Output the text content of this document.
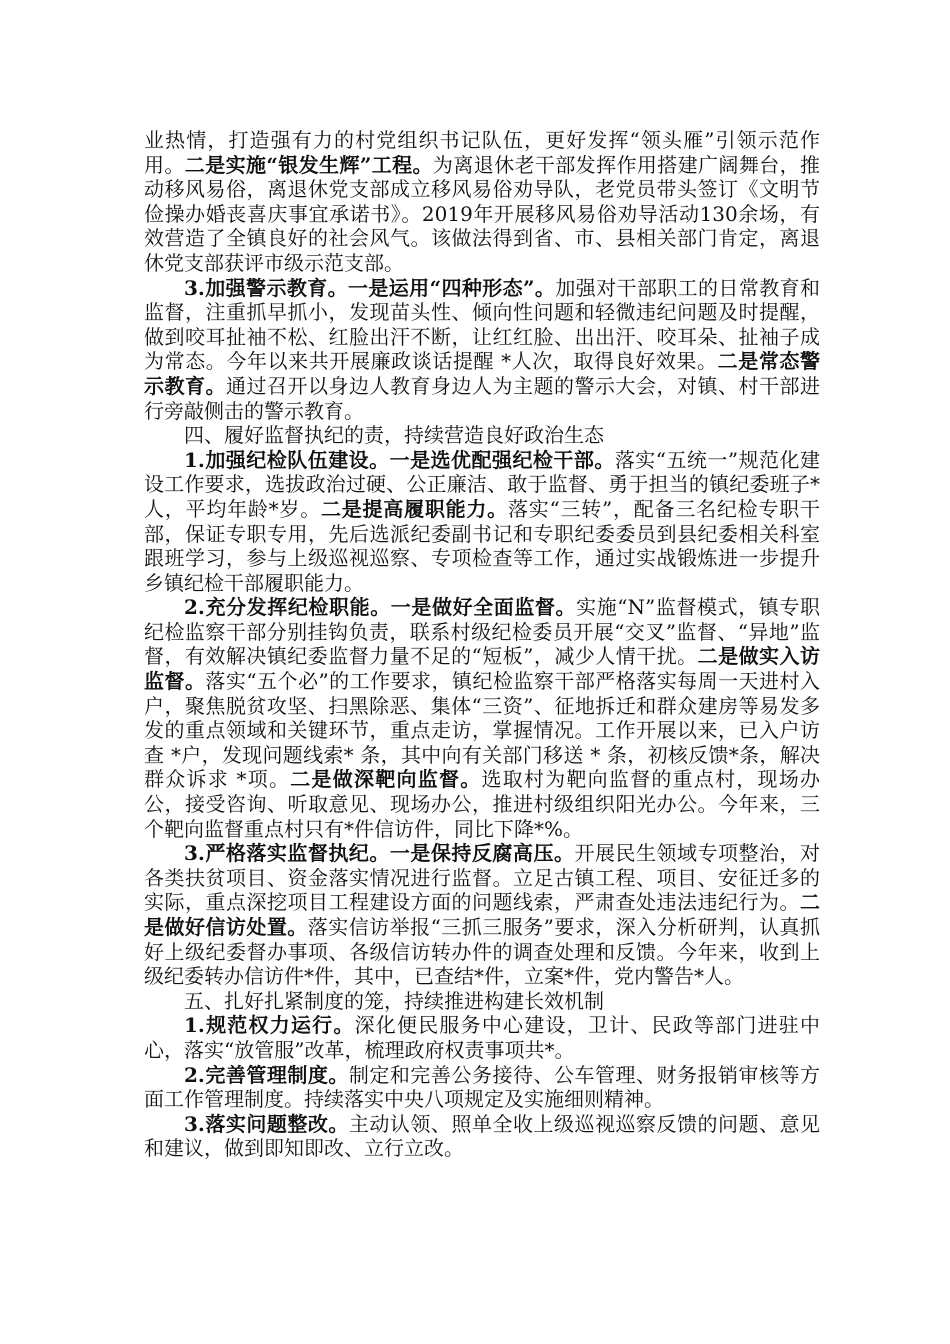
业热情，打造强有力的村党组织书记队伍，更好发挥“领头雁”引领示范作用。二是实施“银发生辉”工程。为离退休老干部发挥作用搭建广阔舞台，推动移风易俗，离退休党支部成立移风易俗劝导队，老党员带头签订《文明节俭操办婚丧喜庆事宜承诺书》。2019年开展移风易俗劝导活动130余场，有效营造了全镇良好的社会风气。该做法得到省、市、县相关部门肯定，离退休党支部获评市级示范支部。

3.加强警示教育。一是运用“四种形态”。加强对干部职工的日常教育和监督，注重抓早抓小，发现苗头性、倾向性问题和轻微违纪问题及时提醒，做到咬耳扯袖不松、红脸出汗不断，让红红脸、出出汗、咬耳朵、扯袖子成为常态。今年以来共开展廉政谈话提醒 *人次，取得良好效果。二是常态警示教育。通过召开以身边人教育身边人为主题的警示大会，对镇、村干部进行旁敲侧击的警示教育。

四、履好监督执纪的责，持续营造良好政治生态

1.加强纪检队伍建设。一是选优配强纪检干部。落实“五统一”规范化建设工作要求，选拔政治过硬、公正廉洁、敢于监督、勇于担当的镇纪委班子*人，平均年龄*岁。二是提高履职能力。落实“三转”，配备三名纪检专职干部，保证专职专用，先后选派纪委副书记和专职纪委委员到县纪委相关科室跟班学习，参与上级巡视巡察、专项检查等工作，通过实战锻炼进一步提升乡镇纪检干部履职能力。

2.充分发挥纪检职能。一是做好全面监督。实施“N”监督模式，镇专职纪检监察干部分别挂钩负责，联系村级纪检委员开展“交叉”监督、“异地”监督，有效解决镇纪委监督力量不足的“短板”，减少人情干扰。二是做实入访监督。落实“五个必”的工作要求，镇纪检监察干部严格落实每周一天进村入户，聚焦脱贫攻坚、扫黑除恶、集体“三资”、征地拆迁和群众建房等易发多发的重点领域和关键环节，重点走访，掌握情况。工作开展以来，已入户访查 *户，发现问题线索* 条，其中向有关部门移送 * 条，初核反馈*条，解决群众诉求 *项。二是做深靶向监督。选取村为靶向监督的重点村，现场办公，接受咨询、听取意见、现场办公，推进村级组织阳光办公。今年来，三个靶向监督重点村只有*件信访件，同比下降*%。

3.严格落实监督执纪。一是保持反腐高压。开展民生领域专项整治，对各类扶贫项目、资金落实情况进行监督。立足古镇工程、项目、安征迁多的实际，重点深挖项目工程建设方面的问题线索，严肃查处违法违纪行为。二是做好信访处置。落实信访举报“三抓三服务”要求，深入分析研判，认真抓好上级纪委督办事项、各级信访转办件的调查处理和反馈。今年来，收到上级纪委转办信访件*件，其中，已查结*件，立案*件，党内警告*人。

五、扎好扎紧制度的笼，持续推进构建长效机制

1.规范权力运行。深化便民服务中心建设，卫计、民政等部门进驻中心，落实“放管服”改革，梳理政府权责事项共*。

2.完善管理制度。制定和完善公务接待、公车管理、财务报销审核等方面工作管理制度。持续落实中央八项规定及实施细则精神。

3.落实问题整改。主动认领、照单全收上级巡视巡察反馈的问题、意见和建议，做到即知即改、立行立改。
